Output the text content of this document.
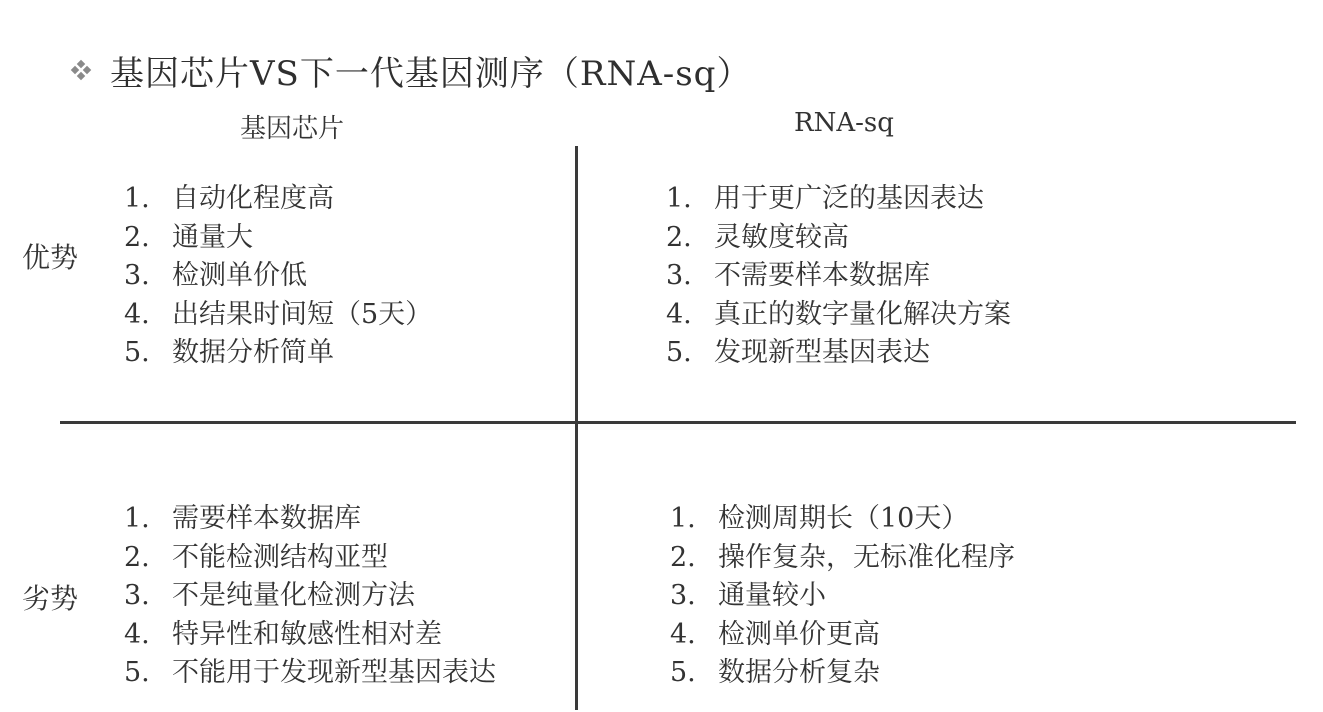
基因芯片VS下一代基因测序（RNA-sq）
基因芯片	RNA-sq
优势
劣势
1. 自动化程度高
2. 通量大
3. 检测单价低
4. 出结果时间短（5天）
5. 数据分析简单
1. 用于更广泛的基因表达
2. 灵敏度较高
3. 不需要样本数据库
4. 真正的数字量化解决方案
5. 发现新型基因表达
1. 需要样本数据库
2. 不能检测结构亚型
3. 不是纯量化检测方法
4. 特异性和敏感性相对差
5. 不能用于发现新型基因表达
1. 检测周期长（10天）
2. 操作复杂，无标准化程序
3. 通量较小
4. 检测单价更高
5. 数据分析复杂
